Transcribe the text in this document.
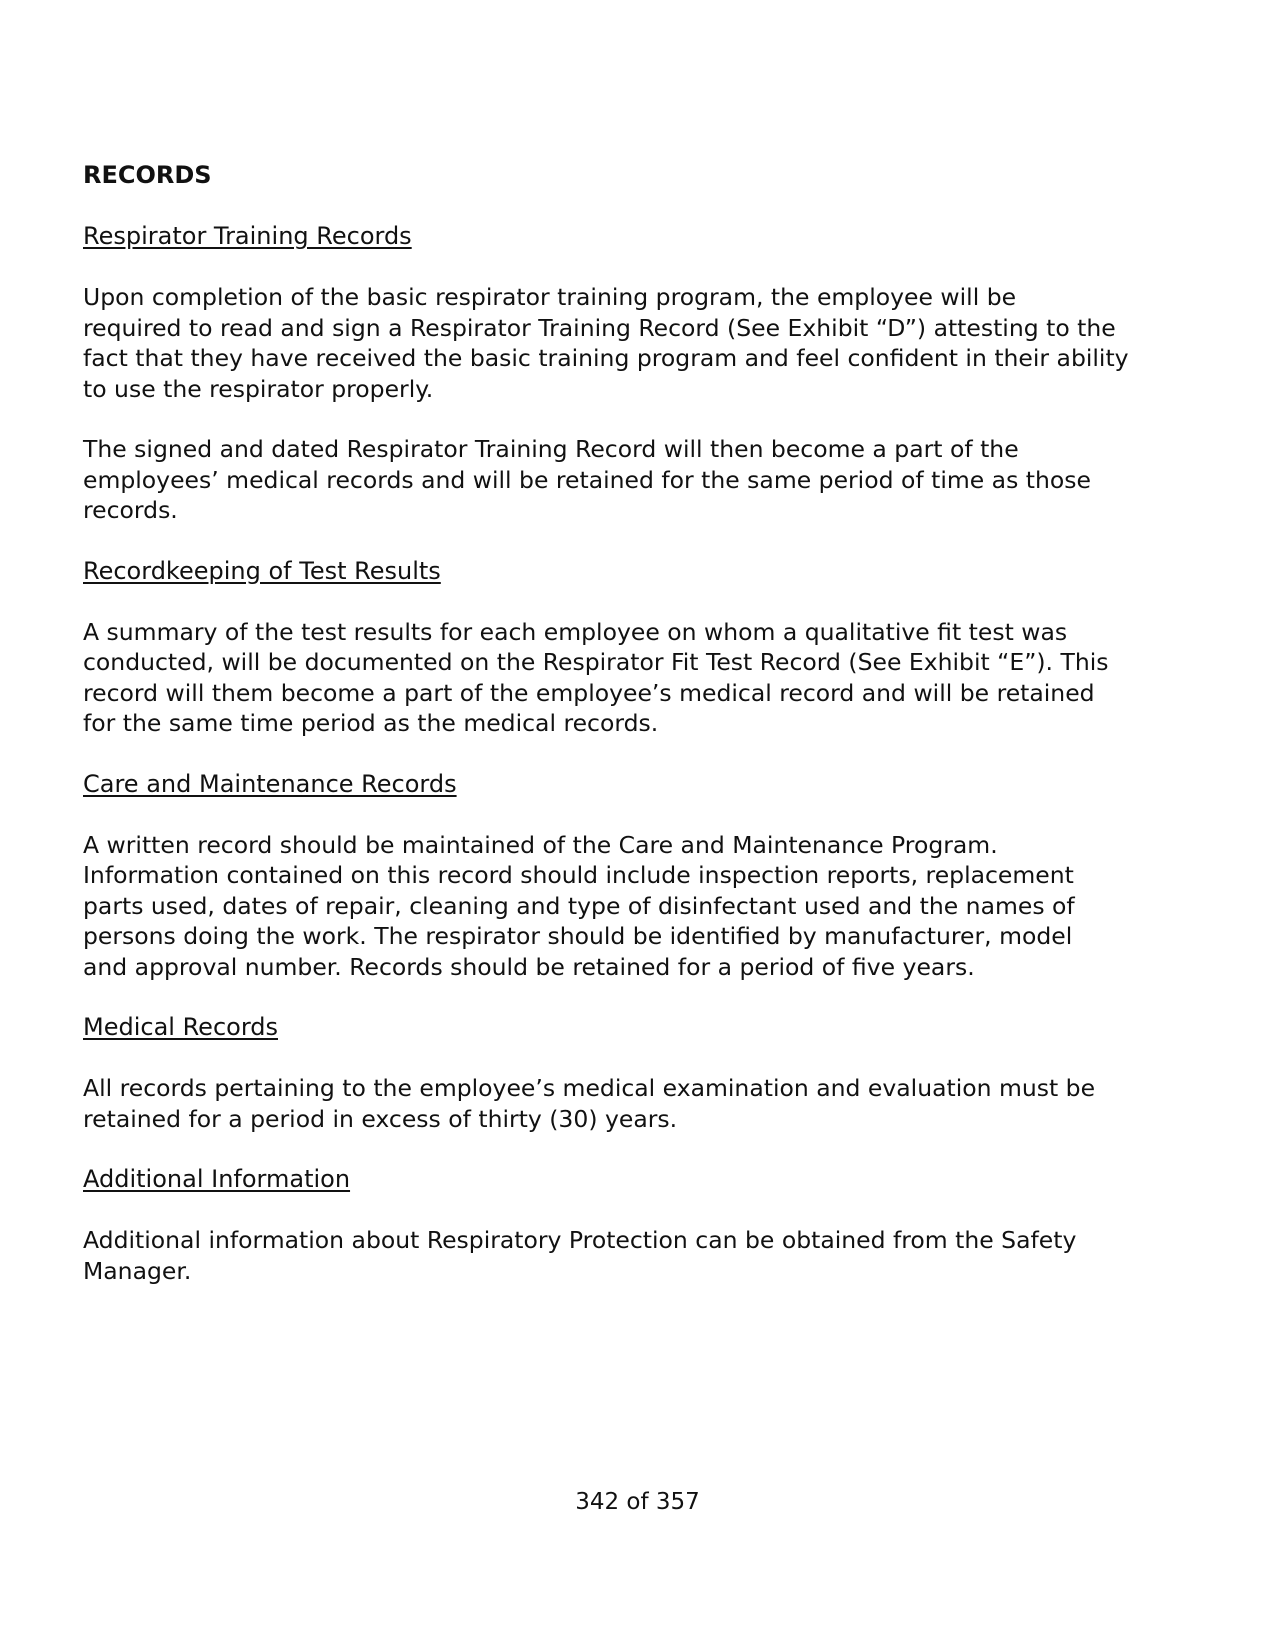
RECORDS
Respirator Training Records

Upon completion of the basic respirator training program, the employee will be
required to read and sign a Respirator Training Record (See Exhibit “D”) attesting to the
fact that they have received the basic training program and feel confident in their ability
to use the respirator properly.

The signed and dated Respirator Training Record will then become a part of the
employees’ medical records and will be retained for the same period of time as those
records.

Recordkeeping of Test Results

A summary of the test results for each employee on whom a qualitative fit test was
conducted, will be documented on the Respirator Fit Test Record (See Exhibit “E”). This
record will them become a part of the employee’s medical record and will be retained
for the same time period as the medical records.

Care and Maintenance Records

A written record should be maintained of the Care and Maintenance Program.
Information contained on this record should include inspection reports, replacement
parts used, dates of repair, cleaning and type of disinfectant used and the names of
persons doing the work. The respirator should be identified by manufacturer, model
and approval number. Records should be retained for a period of five years.

Medical Records

All records pertaining to the employee’s medical examination and evaluation must be
retained for a period in excess of thirty (30) years.

Additional Information

Additional information about Respiratory Protection can be obtained from the Safety
Manager.

342 of 357
